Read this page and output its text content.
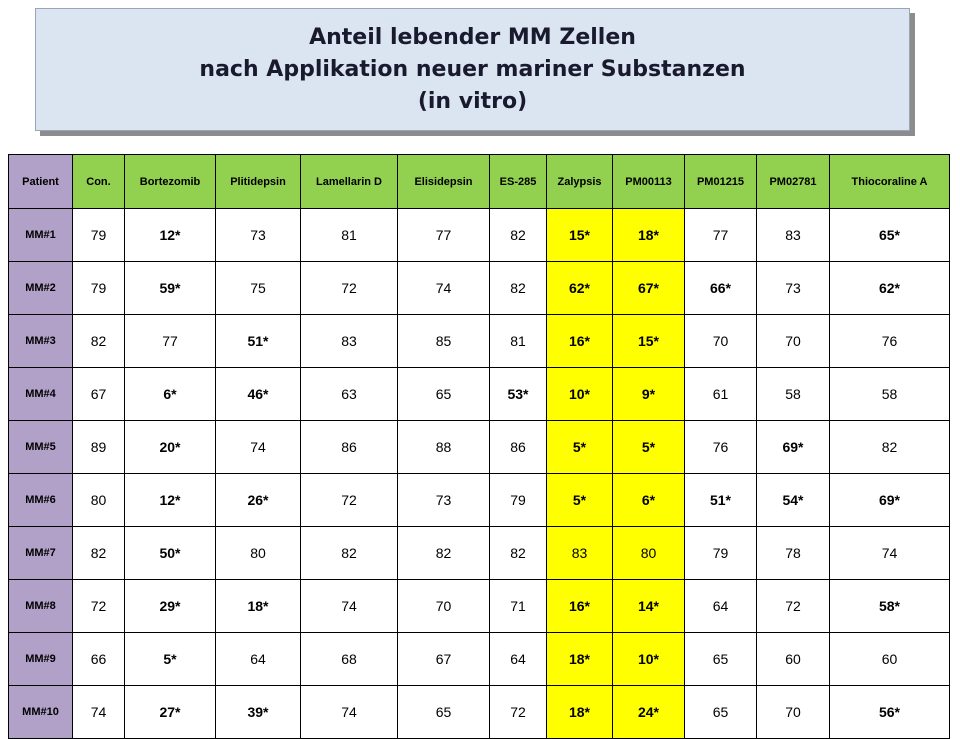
Anteil lebender MM Zellen
nach Applikation neuer mariner Substanzen
(in vitro)
Patient	Con.	Bortezomib	Plitidepsin	Lamellarin D	Elisidepsin	ES-285	Zalypsis	PM00113	PM01215	PM02781	Thiocoraline A
MM#1	79	12*	73	81	77	82	15*	18*	77	83	65*
MM#2	79	59*	75	72	74	82	62*	67*	66*	73	62*
MM#3	82	77	51*	83	85	81	16*	15*	70	70	76
MM#4	67	6*	46*	63	65	53*	10*	9*	61	58	58
MM#5	89	20*	74	86	88	86	5*	5*	76	69*	82
MM#6	80	12*	26*	72	73	79	5*	6*	51*	54*	69*
MM#7	82	50*	80	82	82	82	83	80	79	78	74
MM#8	72	29*	18*	74	70	71	16*	14*	64	72	58*
MM#9	66	5*	64	68	67	64	18*	10*	65	60	60
MM#10	74	27*	39*	74	65	72	18*	24*	65	70	56*
